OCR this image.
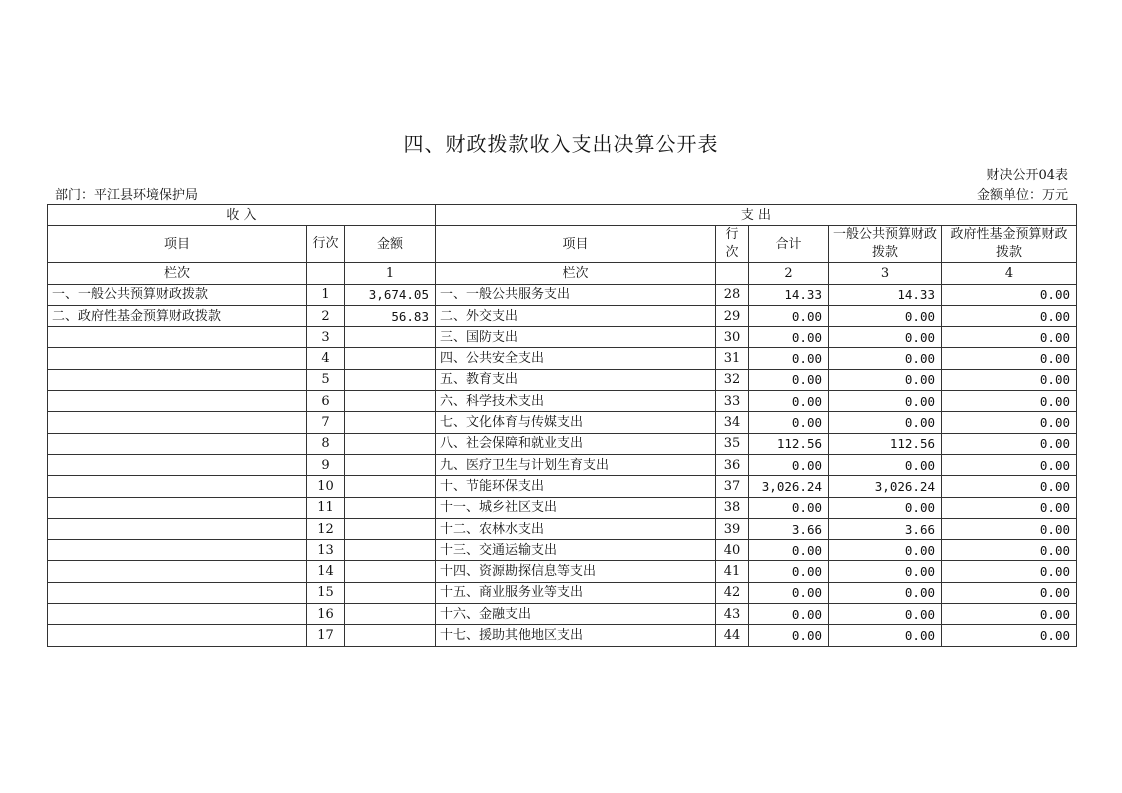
四、财政拨款收入支出决算公开表
财决公开04表
部门：平江县环境保护局	金额单位：万元
收 入			支 出				
项目	行次	金额	项目	行次	合计	一般公共预算财政拨款	政府性基金预算财政拨款
栏次		1	栏次		2	3	4
一、一般公共预算财政拨款	1	3,674.05	一、一般公共服务支出	28	14.33	14.33	0.00
二、政府性基金预算财政拨款	2	56.83	二、外交支出	29	0.00	0.00	0.00
	3		三、国防支出	30	0.00	0.00	0.00
	4		四、公共安全支出	31	0.00	0.00	0.00
	5		五、教育支出	32	0.00	0.00	0.00
	6		六、科学技术支出	33	0.00	0.00	0.00
	7		七、文化体育与传媒支出	34	0.00	0.00	0.00
	8		八、社会保障和就业支出	35	112.56	112.56	0.00
	9		九、医疗卫生与计划生育支出	36	0.00	0.00	0.00
	10		十、节能环保支出	37	3,026.24	3,026.24	0.00
	11		十一、城乡社区支出	38	0.00	0.00	0.00
	12		十二、农林水支出	39	3.66	3.66	0.00
	13		十三、交通运输支出	40	0.00	0.00	0.00
	14		十四、资源勘探信息等支出	41	0.00	0.00	0.00
	15		十五、商业服务业等支出	42	0.00	0.00	0.00
	16		十六、金融支出	43	0.00	0.00	0.00
	17		十七、援助其他地区支出	44	0.00	0.00	0.00
